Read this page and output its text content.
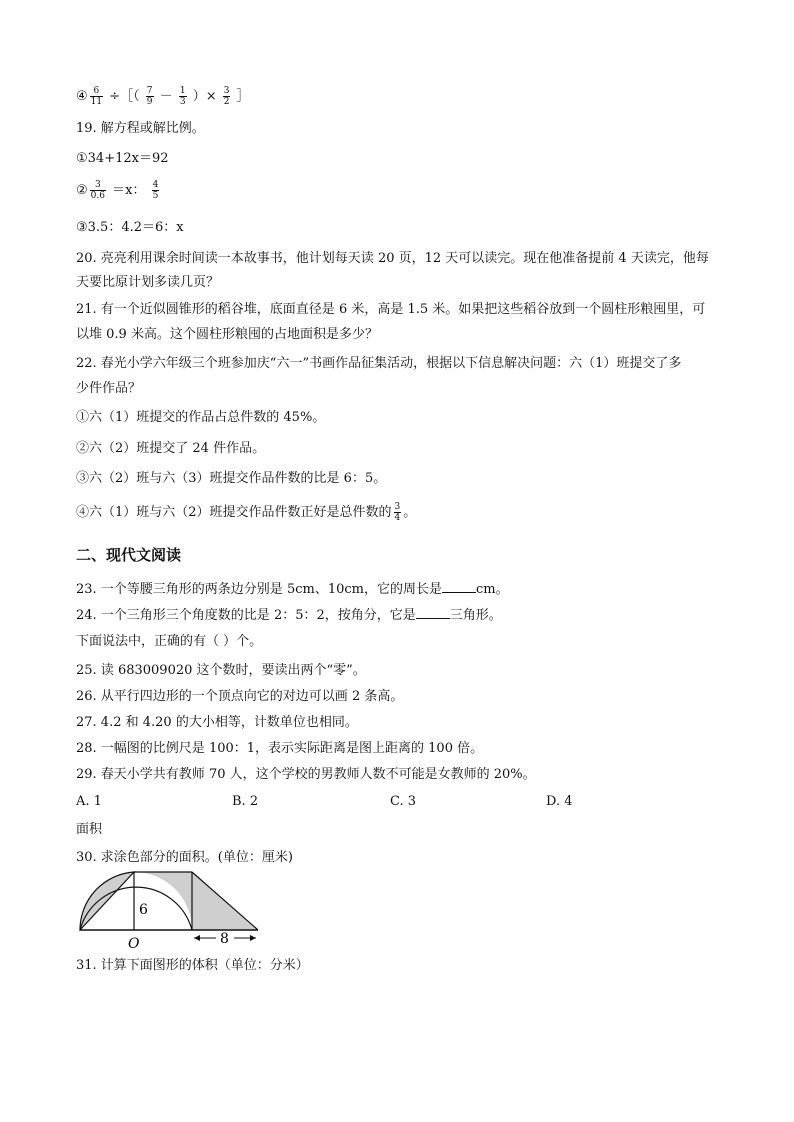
④ $\frac{6}{11}$ ÷［（ $\frac{7}{9} - \frac{1}{3}$ ）× $\frac{3}{2}$ ］
19. 解方程或解比例。
①34+12x＝92
② $\frac{3}{0.6} =x$： $\frac{4}{5}$
③3.5：4.2＝6：x
20. 亮亮利用课余时间读一本故事书，他计划每天读 20 页，12 天可以读完。现在他准备提前 4 天读完，他每
天要比原计划多读几页？
21. 有一个近似圆锥形的稻谷堆，底面直径是 6 米，高是 1.5 米。如果把这些稻谷放到一个圆柱形粮囤里，可
以堆 0.9 米高。这个圆柱形粮囤的占地面积是多少？
22. 春光小学六年级三个班参加庆“六一”书画作品征集活动，根据以下信息解决问题：六（1）班提交了多
少件作品？
①六（1）班提交的作品占总件数的 45%。
②六（2）班提交了 24 件作品。
③六（2）班与六（3）班提交作品件数的比是 6：5。
④六（1）班与六（2）班提交作品件数正好是总件数的 $\frac{3}{4}$ 。
二、现代文阅读
23. 一个等腰三角形的两条边分别是 5cm、10cm，它的周长是	cm。
24. 一个三角形三个角度数的比是 2：5：2，按角分，它是	三角形。
下面说法中，正确的有（ ）个。
25. 读 683009020 这个数时，要读出两个“零”。
26. 从平行四边形的一个顶点向它的对边可以画 2 条高。
27. 4.2 和 4.20 的大小相等，计数单位也相同。
28. 一幅图的比例尺是 100：1，表示实际距离是图上距离的 100 倍。
29. 春天小学共有教师 70 人，这个学校的男教师人数不可能是女教师的 20%。
A. 1	B. 2	C. 3	D. 4
面积
30. 求涂色部分的面积。(单位：厘米)
6
O	8
31. 计算下面图形的体积（单位：分米）
